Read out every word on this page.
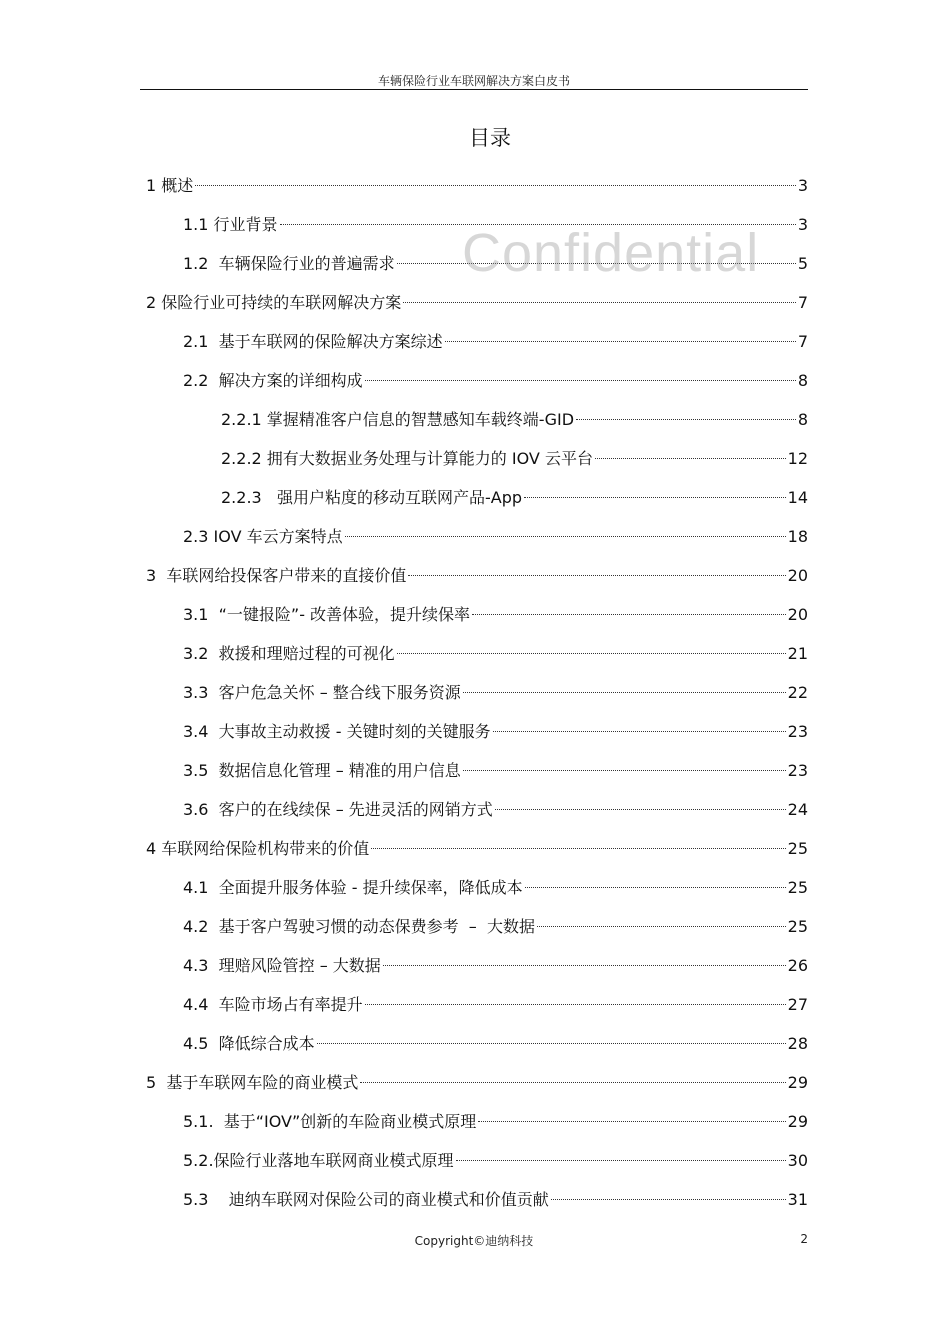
车辆保险行业车联网解决方案白皮书
目录
1 概述	3
1.1 行业背景	3
1.2  车辆保险行业的普遍需求	5
2 保险行业可持续的车联网解决方案	7
2.1  基于车联网的保险解决方案综述	7
2.2  解决方案的详细构成	8
2.2.1 掌握精准客户信息的智慧感知车载终端-GID	8
2.2.2 拥有大数据业务处理与计算能力的 IOV 云平台	12
2.2.3   强用户粘度的移动互联网产品-App	14
2.3 IOV 车云方案特点	18
3  车联网给投保客户带来的直接价值	20
3.1  “一键报险”- 改善体验，提升续保率	20
3.2  救援和理赔过程的可视化	21
3.3  客户危急关怀 – 整合线下服务资源	22
3.4  大事故主动救援 - 关键时刻的关键服务	23
3.5  数据信息化管理 – 精准的用户信息	23
3.6  客户的在线续保 – 先进灵活的网销方式	24
4 车联网给保险机构带来的价值	25
4.1  全面提升服务体验 - 提升续保率，降低成本	25
4.2  基于客户驾驶习惯的动态保费参考  –  大数据	25
4.3  理赔风险管控 – 大数据	26
4.4  车险市场占有率提升	27
4.5  降低综合成本	28
5  基于车联网车险的商业模式	29
5.1.  基于“IOV”创新的车险商业模式原理	29
5.2.保险行业落地车联网商业模式原理	30
5.3    迪纳车联网对保险公司的商业模式和价值贡献	31
Confidential
Copyright©迪纳科技	2
